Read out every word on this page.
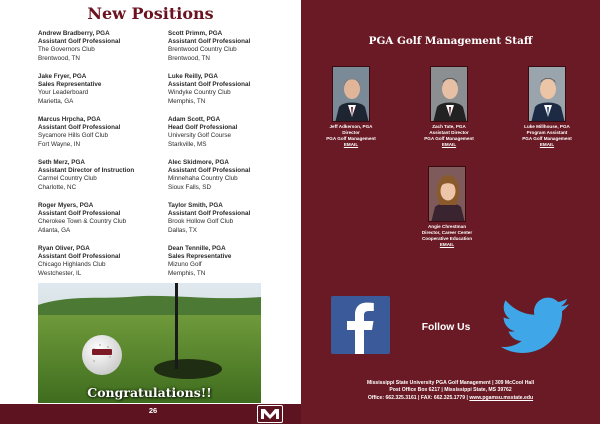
New Positions
Andrew Bradberry, PGA
Assistant Golf Professional
The Governors Club
Brentwood, TN
Jake Fryer, PGA
Sales Representative
Your Leaderboard
Marietta, GA
Marcus Hrpcha, PGA
Assistant Golf Professional
Sycamore Hills Golf Club
Fort Wayne, IN
Seth Merz, PGA
Assistant Director of Instruction
Carmel Country Club
Charlotte, NC
Roger Myers, PGA
Assistant Golf Professional
Cherokee Town & Country Club
Atlanta, GA
Ryan Oliver, PGA
Assistant Golf Professional
Chicago Highlands Club
Westchester, IL
Scott Primm, PGA
Assistant Golf Professional
Brentwood Country Club
Brentwood, TN
Luke Reilly, PGA
Assistant Golf Professional
Windyke Country Club
Memphis, TN
Adam Scott, PGA
Head Golf Professional
University Golf Course
Starkville, MS
Alec Skidmore, PGA
Assistant Golf Professional
Minnehaha Country Club
Sioux Falls, SD
Taylor Smith, PGA
Assistant Golf Professional
Brook Hollow Golf Club
Dallas, TX
Dean Tennille, PGA
Sales Representative
Mizuno Golf
Memphis, TN
Congratulations!!
26
PGA Golf Management Staff
Jeff Adkerson, PGA
Director
PGA Golf Management
EMAIL
Zach Tate, PGA
Assistant Director
PGA Golf Management
EMAIL
Luke Millhouse, PGA
Program Assistant
PGA Golf Management
EMAIL
Angie Chrestman
Director, Career Center
Cooperative Education
EMAIL
Follow Us
Mississippi State University PGA Golf Management | 309 McCool Hall
Post Office Box 6217 | Mississippi State, MS 39762
Office: 662.325.3161 | FAX: 662.325.1779 | www.pgamsu.msstate.edu
